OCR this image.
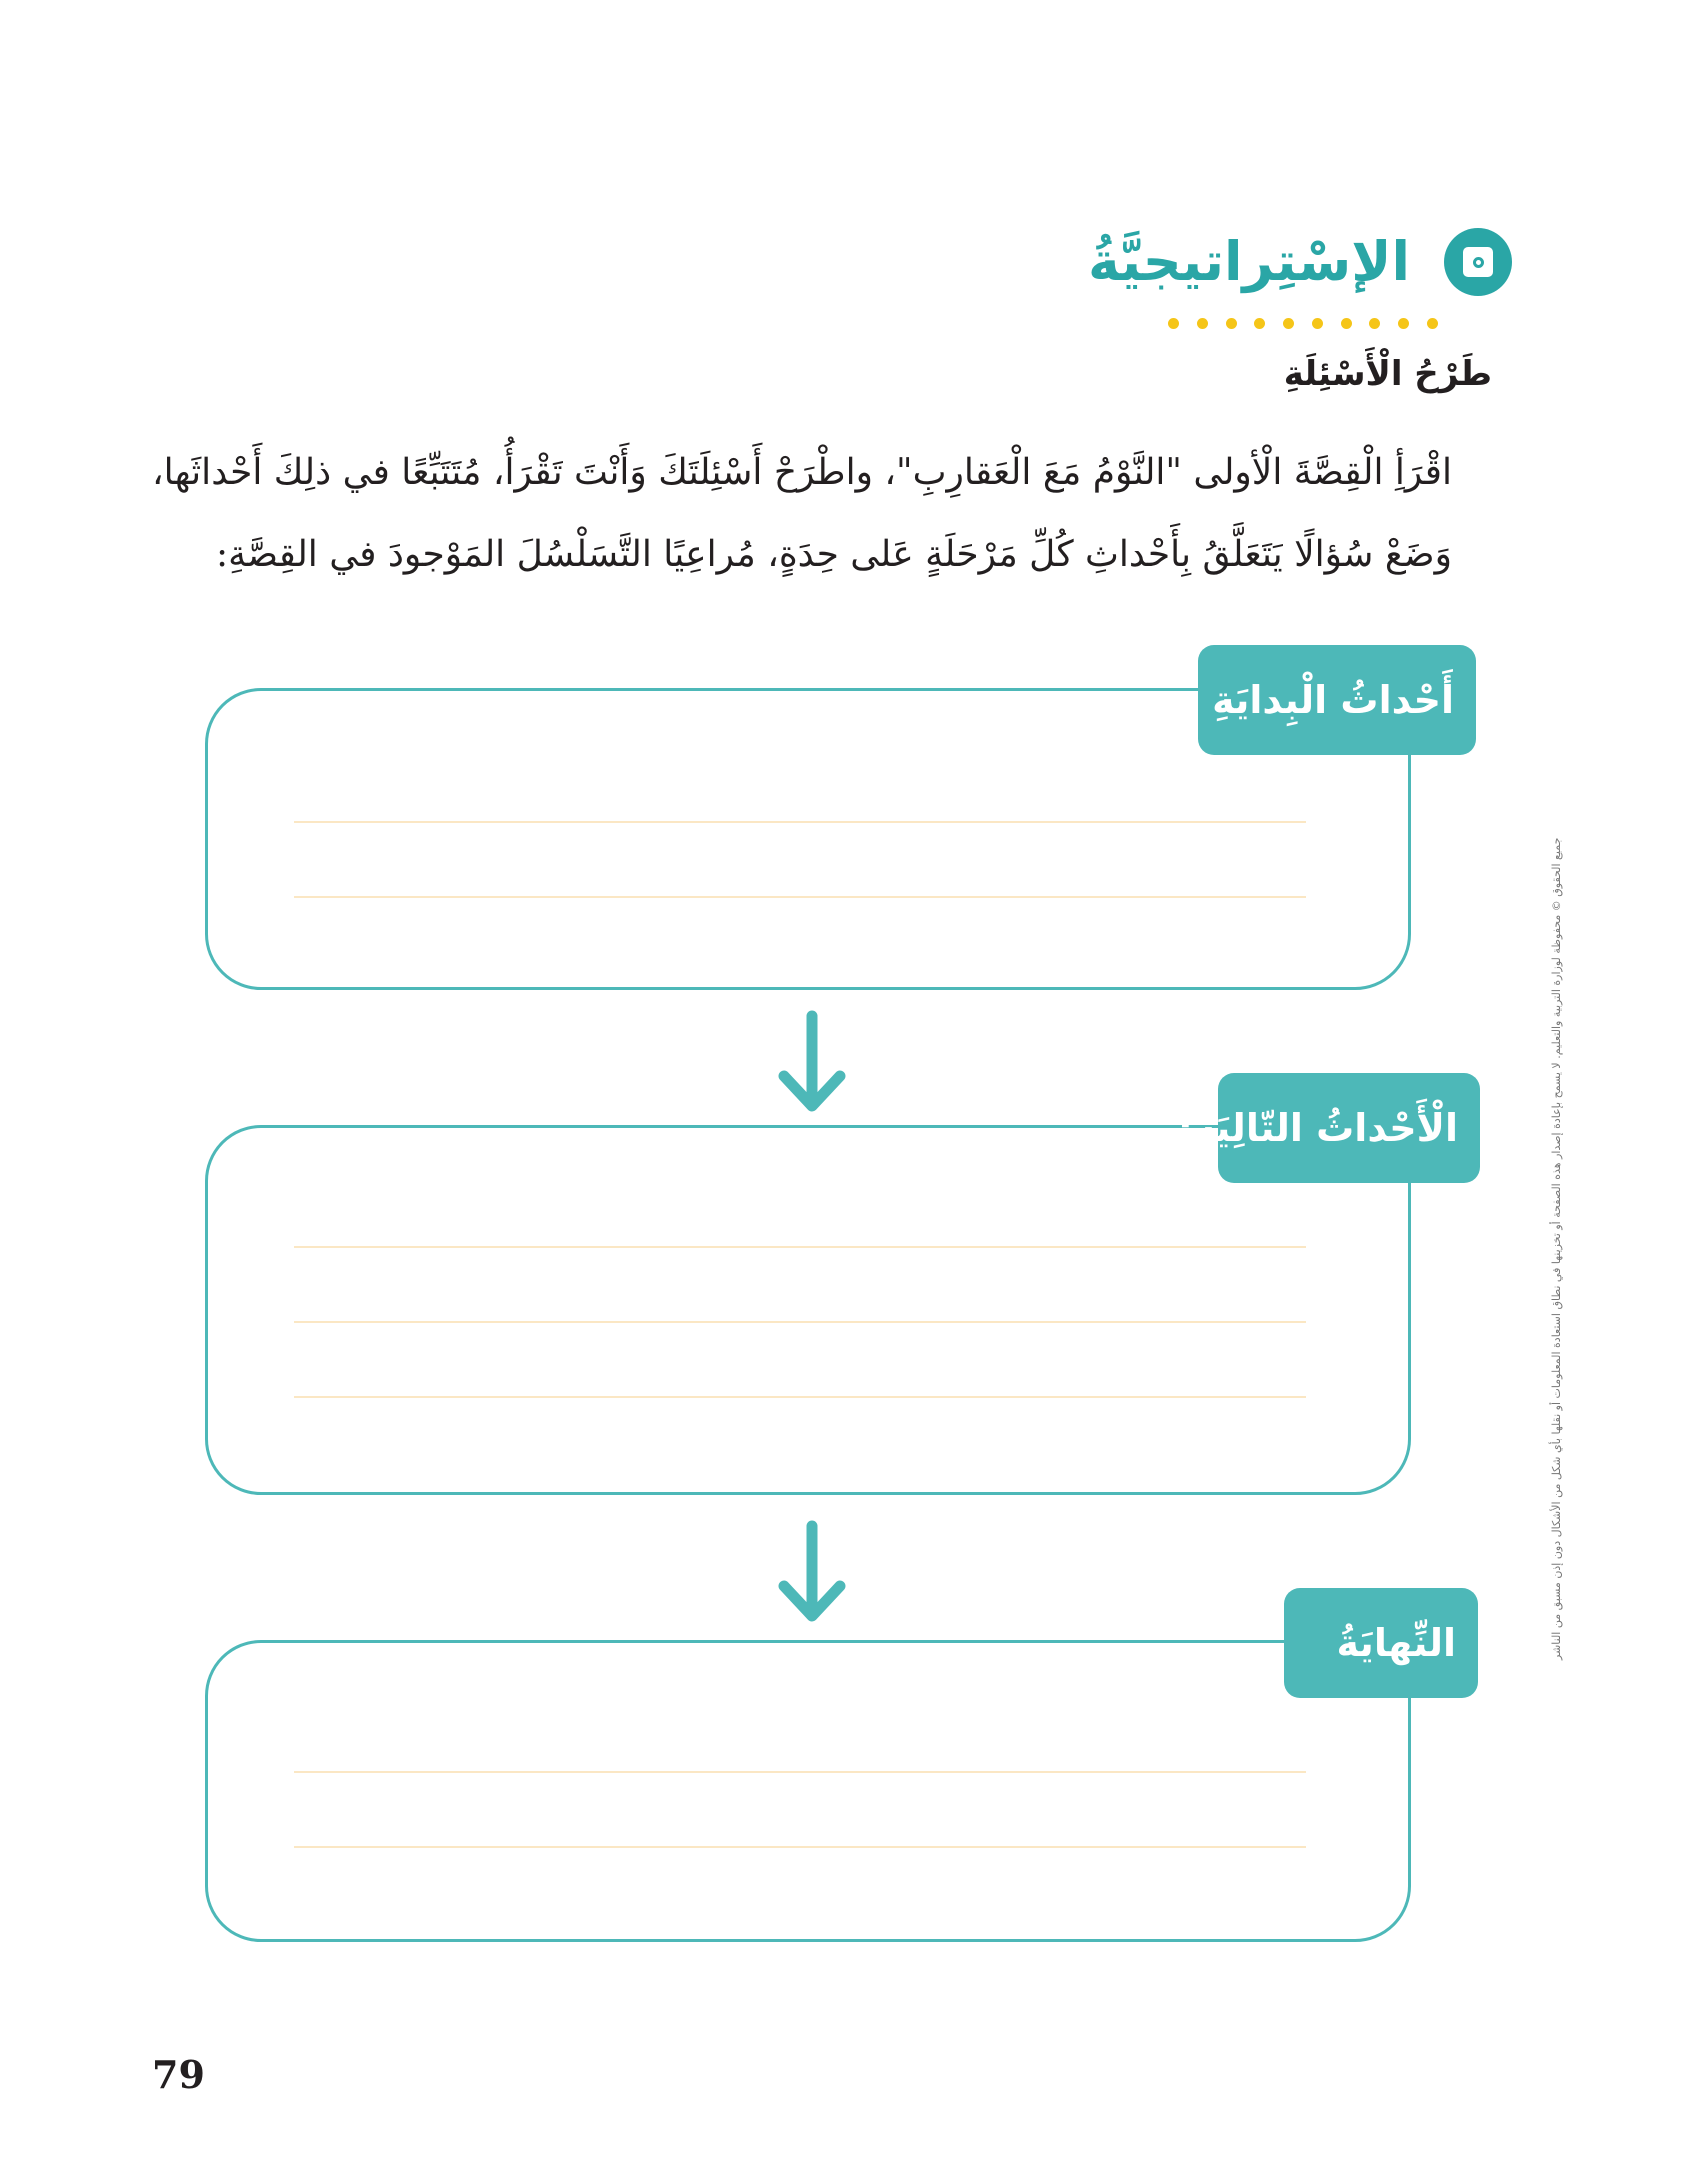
الإسْتِراتيجيَّةُ
طَرْحُ الْأَسْئِلَةِ
اقْرَأِ الْقِصَّةَ الْأولى "النَّوْمُ مَعَ الْعَقارِبِ"، واطْرَحْ أَسْئِلَتَكَ وَأَنْتَ تَقْرَأُ، مُتَتَبِّعًا في ذلِكَ أَحْداثَها،
وَضَعْ سُؤالًا يَتَعَلَّقُ بِأَحْداثِ كُلِّ مَرْحَلَةٍ عَلى حِدَةٍ، مُراعِيًا التَّسَلْسُلَ المَوْجودَ في القِصَّةِ:
أَحْداثُ الْبِدايَةِ
الْأَحْداثُ التّالِيَةُ:
النِّهايَةُ	جميع الحقوق © محفوظة لوزارة التربية والتعليم. لا يسمح بإعادة إصدار هذه الصفحة أو تخزينها في نطاق استعادة المعلومات أو نقلها بأي شكل من الأشكال دون إذن مسبق من الناشر
79
